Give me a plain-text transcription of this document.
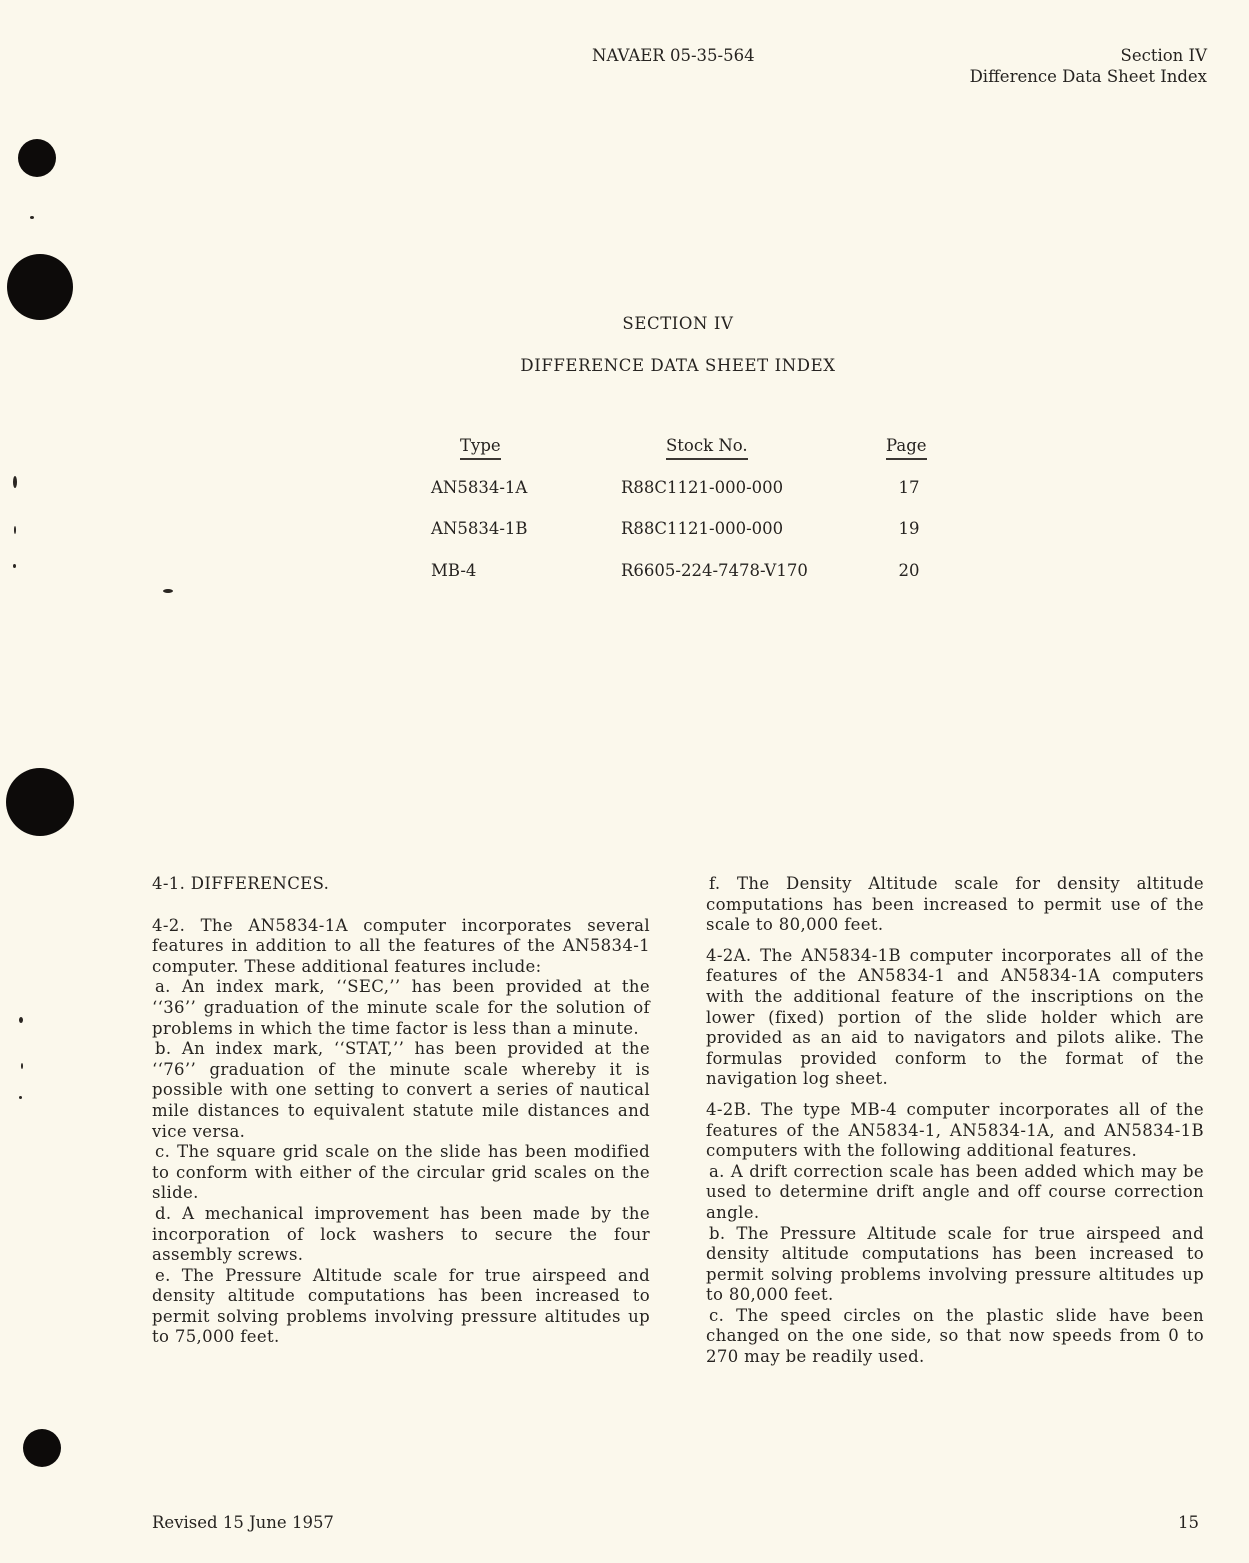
NAVAER 05-35-564	Section IV
Difference Data Sheet Index
SECTION IV
DIFFERENCE DATA SHEET INDEX
Type	Stock No.	Page
AN5834-1A	R88C1121-000-000	17
AN5834-1B	R88C1121-000-000	19
MB-4	R6605-224-7478-V170	20

4-1. DIFFERENCES.

4-2. The AN5834-1A computer incorporates several features in addition to all the features of the AN5834-1 computer. These additional features include:

a. An index mark, ‘‘SEC,’’ has been provided at the ‘‘36’’ graduation of the minute scale for the solution of problems in which the time factor is less than a minute.

b. An index mark, ‘‘STAT,’’ has been provided at the ‘‘76’’ graduation of the minute scale whereby it is possible with one setting to convert a series of nautical mile distances to equivalent statute mile distances and vice versa.

c. The square grid scale on the slide has been modified to conform with either of the circular grid scales on the slide.

d. A mechanical improvement has been made by the incorporation of lock washers to secure the four assembly screws.

e. The Pressure Altitude scale for true airspeed and density altitude computations has been increased to permit solving problems involving pressure altitudes up to 75,000 feet.

f. The Density Altitude scale for density altitude computations has been increased to permit use of the scale to 80,000 feet.

4-2A. The AN5834-1B computer incorporates all of the features of the AN5834-1 and AN5834-1A computers with the additional feature of the inscriptions on the lower (fixed) portion of the slide holder which are provided as an aid to navigators and pilots alike. The formulas provided conform to the format of the navigation log sheet.

4-2B. The type MB-4 computer incorporates all of the features of the AN5834-1, AN5834-1A, and AN5834-1B computers with the following additional features.

a. A drift correction scale has been added which may be used to determine drift angle and off course correction angle.

b. The Pressure Altitude scale for true airspeed and density altitude computations has been increased to permit solving problems involving pressure altitudes up to 80,000 feet.

c. The speed circles on the plastic slide have been changed on the one side, so that now speeds from 0 to 270 may be readily used.

Revised 15 June 1957	15
